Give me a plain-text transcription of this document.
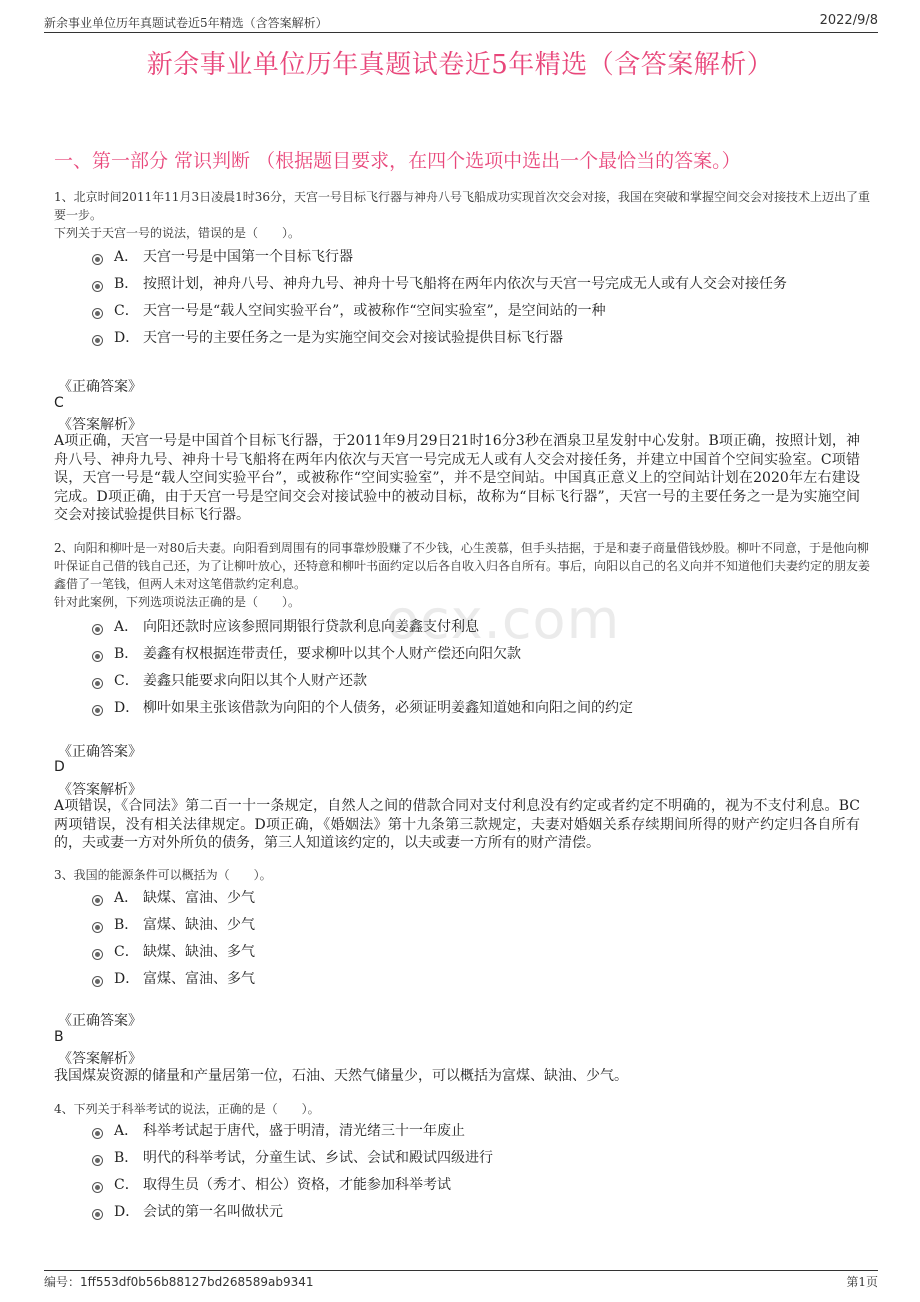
新余事业单位历年真题试卷近5年精选（含答案解析）	2022/9/8
ocx.com
新余事业单位历年真题试卷近5年精选（含答案解析）
一、第一部分 常识判断 （根据题目要求，在四个选项中选出一个最恰当的答案。）
1、北京时间2011年11月3日凌晨1时36分，天宫一号目标飞行器与神舟八号飞船成功实现首次交会对接，我国在突破和掌握空间交会对接技术上迈出了重要一步。
下列关于天宫一号的说法，错误的是（　　）。
A． 天宫一号是中国第一个目标飞行器
B． 按照计划，神舟八号、神舟九号、神舟十号飞船将在两年内依次与天宫一号完成无人或有人交会对接任务
C． 天宫一号是“载人空间实验平台”，或被称作“空间实验室”，是空间站的一种
D． 天宫一号的主要任务之一是为实施空间交会对接试验提供目标飞行器
《正确答案》
C
《答案解析》
A项正确，天宫一号是中国首个目标飞行器，于2011年9月29日21时16分3秒在酒泉卫星发射中心发射。B项正确，按照计划，神舟八号、神舟九号、神舟十号飞船将在两年内依次与天宫一号完成无人或有人交会对接任务，并建立中国首个空间实验室。C项错误，天宫一号是“载人空间实验平台”，或被称作“空间实验室”，并不是空间站。中国真正意义上的空间站计划在2020年左右建设完成。D项正确，由于天宫一号是空间交会对接试验中的被动目标，故称为“目标飞行器”，天宫一号的主要任务之一是为实施空间交会对接试验提供目标飞行器。
2、向阳和柳叶是一对80后夫妻。向阳看到周围有的同事靠炒股赚了不少钱，心生羡慕，但手头拮据，于是和妻子商量借钱炒股。柳叶不同意，于是他向柳叶保证自己借的钱自己还，为了让柳叶放心，还特意和柳叶书面约定以后各自收入归各自所有。事后，向阳以自己的名义向并不知道他们夫妻约定的朋友姜鑫借了一笔钱，但两人未对这笔借款约定利息。
针对此案例，下列选项说法正确的是（　　）。
A． 向阳还款时应该参照同期银行贷款利息向姜鑫支付利息
B． 姜鑫有权根据连带责任，要求柳叶以其个人财产偿还向阳欠款
C． 姜鑫只能要求向阳以其个人财产还款
D． 柳叶如果主张该借款为向阳的个人债务，必须证明姜鑫知道她和向阳之间的约定
《正确答案》
D
《答案解析》
A项错误，《合同法》第二百一十一条规定，自然人之间的借款合同对支付利息没有约定或者约定不明确的，视为不支付利息。BC两项错误，没有相关法律规定。D项正确，《婚姻法》第十九条第三款规定，夫妻对婚姻关系存续期间所得的财产约定归各自所有的，夫或妻一方对外所负的债务，第三人知道该约定的，以夫或妻一方所有的财产清偿。
3、我国的能源条件可以概括为（　　）。
A． 缺煤、富油、少气
B． 富煤、缺油、少气
C． 缺煤、缺油、多气
D． 富煤、富油、多气
《正确答案》
B
《答案解析》
我国煤炭资源的储量和产量居第一位，石油、天然气储量少，可以概括为富煤、缺油、少气。
4、下列关于科举考试的说法，正确的是（　　）。
A． 科举考试起于唐代，盛于明清，清光绪三十一年废止
B． 明代的科举考试，分童生试、乡试、会试和殿试四级进行
C． 取得生员（秀才、相公）资格，才能参加科举考试
D． 会试的第一名叫做状元
编号：1ff553df0b56b88127bd268589ab9341	第1页
